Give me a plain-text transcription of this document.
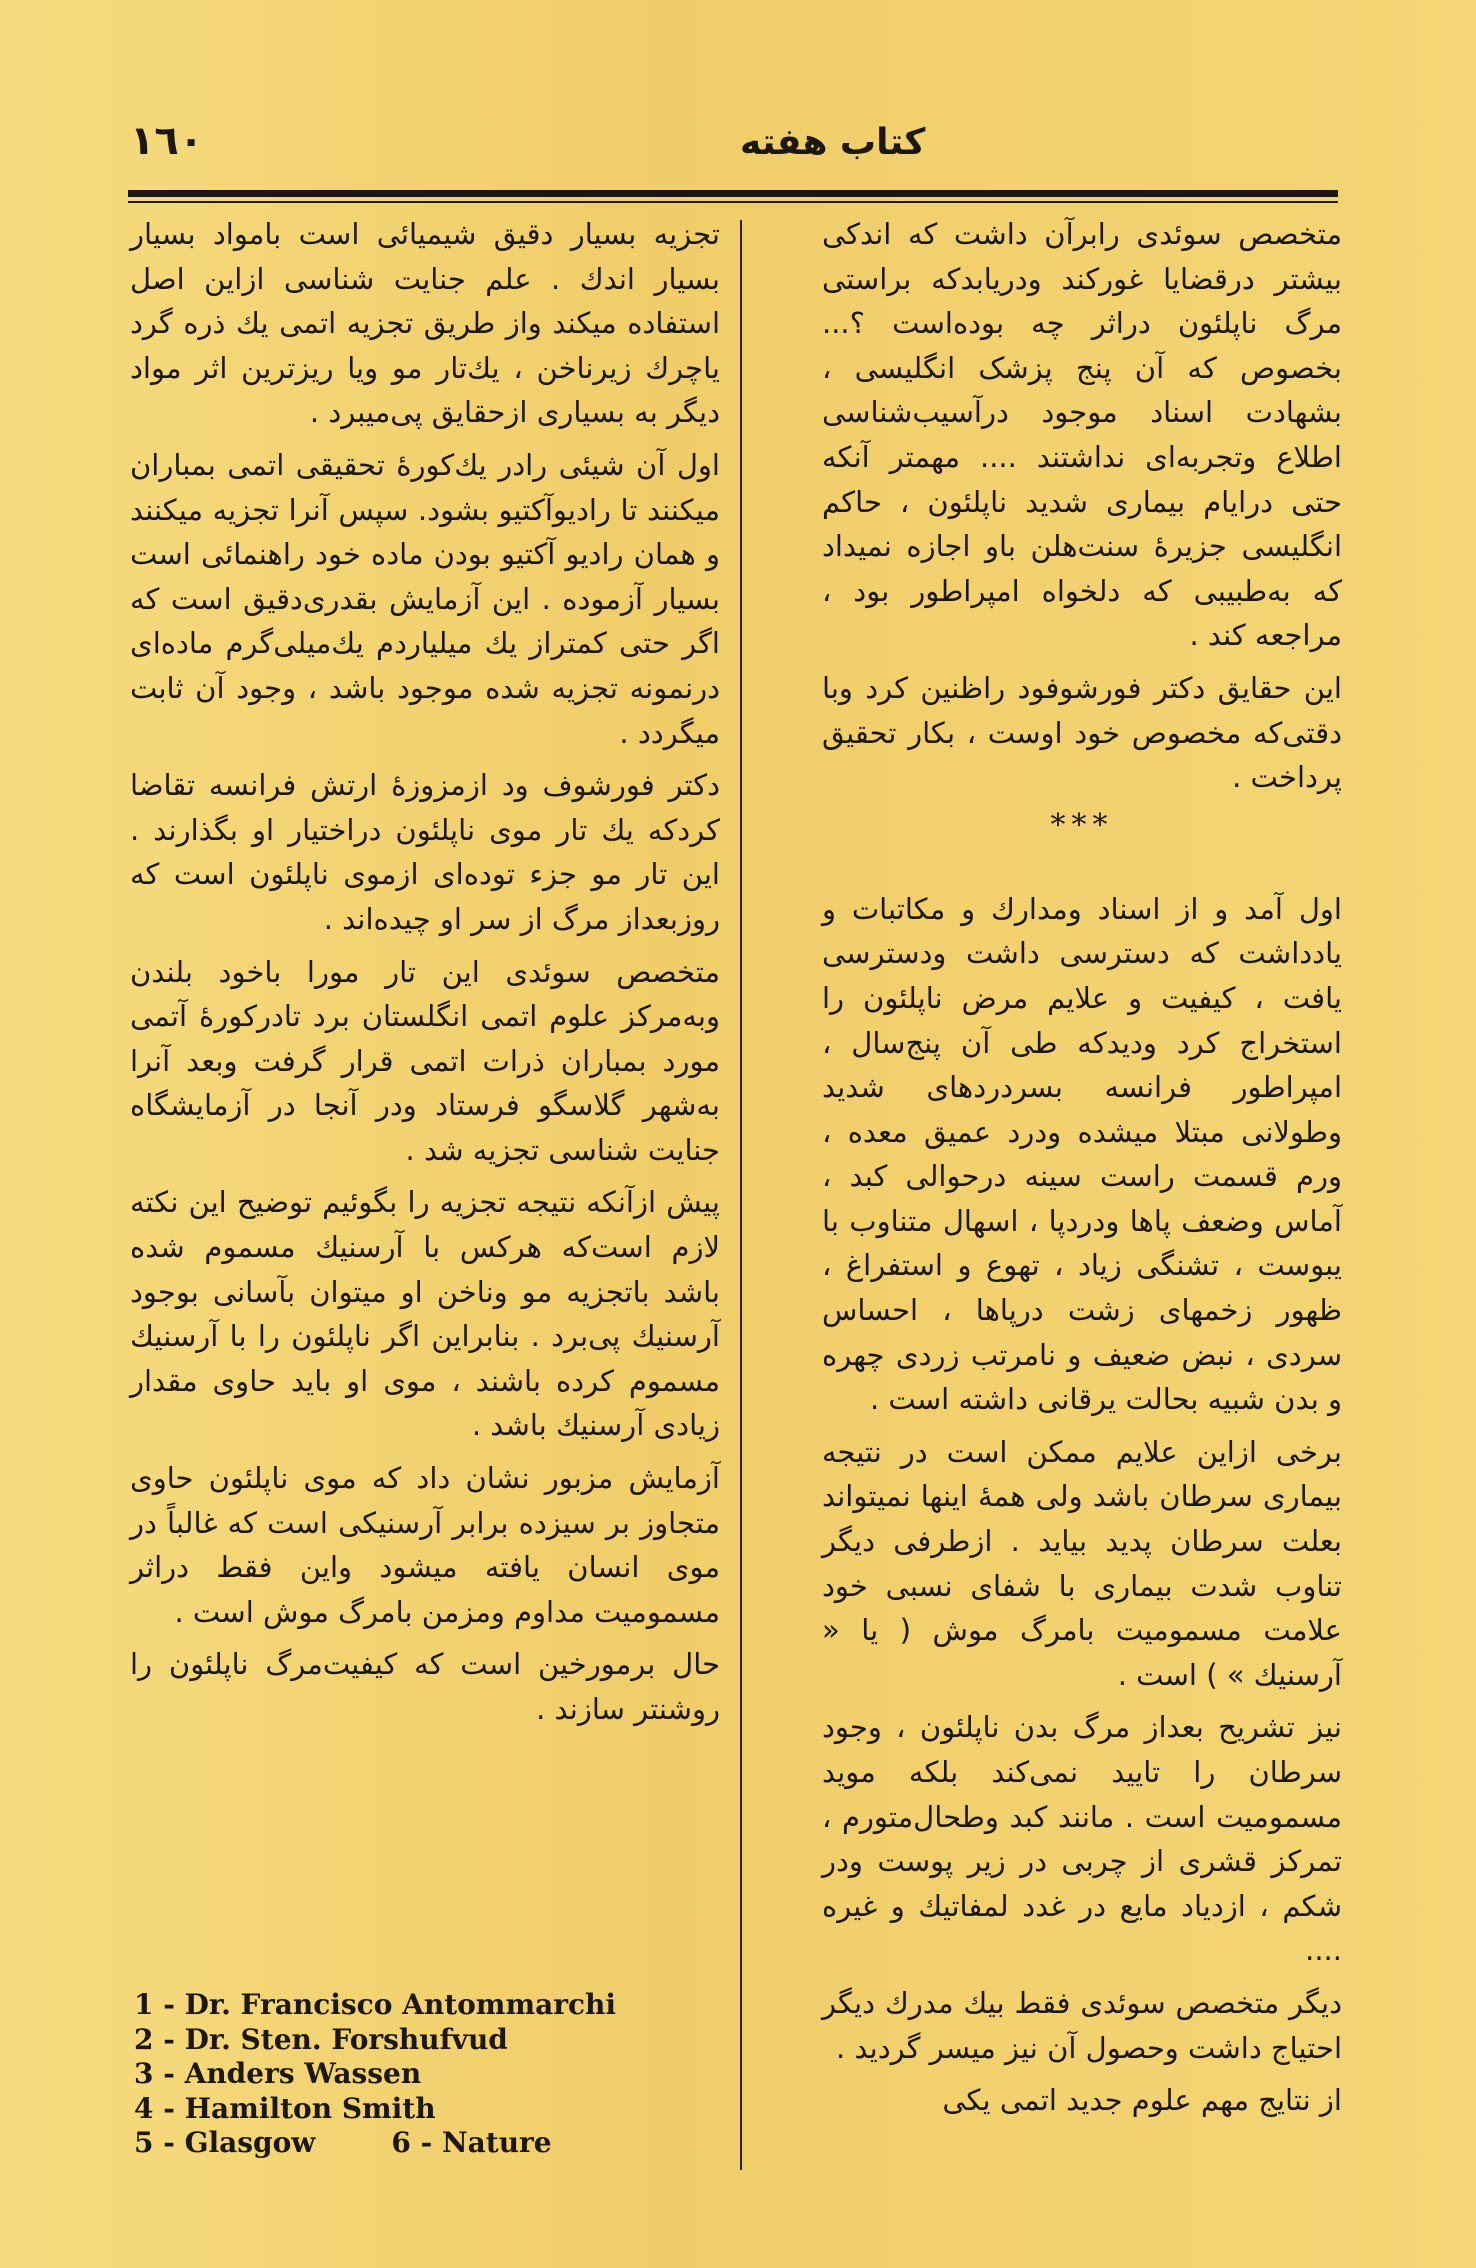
١٦٠	کتاب هفته

متخصص سوئدی رابرآن داشت که اندکی بیشتر درقضایا غورکند ودریابدکه براستی مرگ ناپلئون دراثر چه بوده‌است ؟... بخصوص که آن پنج پزشک انگلیسی ، بشهادت اسناد موجود درآسیب‌شناسی اطلاع وتجربه‌ای نداشتند .... مهمتر آنکه حتی درایام بیماری شدید ناپلئون ، حاکم انگلیسی جزیرهٔ سنت‌هلن باو اجازه نمیداد که به‌طبیبی که دلخواه امپراطور بود ، مراجعه کند .

این حقایق دکتر فورشوفود راظنین کرد وبا دقتی‌که مخصوص خود اوست ، بکار تحقیق پرداخت .

***

اول آمد و از اسناد ومدارك و مکاتبات و یادداشت که دسترسی داشت ودسترسی یافت ، کیفیت و علایم مرض ناپلئون را استخراج کرد ودیدکه طی آن پنج‌سال ، امپراطور فرانسه بسردردهای شدید وطولانی مبتلا میشده ودرد عمیق معده ، ورم قسمت راست سینه درحوالی کبد ، آماس وضعف پاها ودردپا ، اسهال متناوب با یبوست ، تشنگی زیاد ، تهوع و استفراغ ، ظهور زخمهای زشت درپاها ، احساس سردی ، نبض ضعیف و نامرتب زردی چهره و بدن شبیه بحالت یرقانی داشته است .

برخی ازاین علایم ممکن است در نتیجه بیماری سرطان باشد ولی همهٔ اینها نمیتواند بعلت سرطان پدید بیاید . ازطرفی دیگر تناوب شدت بیماری با شفای نسبی خود علامت مسمومیت بامرگ موش ( یا « آرسنیك » ) است .

نیز تشریح بعداز مرگ بدن ناپلئون ، وجود سرطان را تایید نمی‌کند بلکه موید مسمومیت است . مانند کبد وطحال‌متورم ، تمرکز قشری از چربی در زیر پوست ودر شکم ، ازدیاد مایع در غدد لمفاتیك و غیره ....

دیگر متخصص سوئدی فقط بیك مدرك دیگر احتیاج داشت وحصول آن نیز میسر گردید .

از نتایج مهم علوم جدید اتمی یکی

تجزیه بسیار دقیق شیمیائی است بامواد بسیار بسیار اندك . علم جنایت شناسی ازاین اصل استفاده میکند واز طریق تجزیه اتمی یك ذره گرد یاچرك زیرناخن ، یك‌تار مو ویا ریزترین اثر مواد دیگر به بسیاری ازحقایق پی‌میبرد .

اول آن شیئی رادر یك‌کورهٔ تحقیقی اتمی بمباران میکنند تا رادیوآکتیو بشود. سپس آنرا تجزیه میکنند و همان رادیو آکتیو بودن ماده خود راهنمائی است بسیار آزموده . این آزمایش بقدری‌دقیق است که اگر حتی کمتراز یك میلیاردم یك‌میلی‌گرم ماده‌ای درنمونه تجزیه شده موجود باشد ، وجود آن ثابت میگردد .

دکتر فورشوف ود ازمزوزهٔ ارتش فرانسه تقاضا کردکه یك تار موی ناپلئون دراختیار او بگذارند . این تار مو جزء توده‌ای ازموی ناپلئون است که روزبعداز مرگ از سر او چیده‌اند .

متخصص سوئدی این تار مورا باخود بلندن وبه‌مرکز علوم اتمی انگلستان برد تادرکورهٔ آتمی مورد بمباران ذرات اتمی قرار گرفت وبعد آنرا به‌شهر گلاسگو فرستاد ودر آنجا در آزمایشگاه جنایت شناسی تجزیه شد .

پیش ازآنکه نتیجه تجزیه را بگوئیم توضیح این نکته لازم است‌که هرکس با آرسنیك مسموم شده باشد باتجزیه مو وناخن او میتوان بآسانی بوجود آرسنیك پی‌برد . بنابراین اگر ناپلئون را با آرسنیك مسموم کرده باشند ، موی او باید حاوی مقدار زیادی آرسنیك باشد .

آزمایش مزبور نشان داد که موی ناپلئون حاوی متجاوز بر سیزده برابر آرسنیکی است که غالباً در موی انسان یافته میشود واین فقط دراثر مسمومیت مداوم ومزمن بامرگ موش است .

حال برمورخین است که کیفیت‌مرگ ناپلئون را روشنتر سازند .

1 - Dr. Francisco Antommarchi
2 - Dr. Sten. Forshufvud
3 - Anders Wassen
4 - Hamilton Smith
5 - Glasgow	6 - Nature
